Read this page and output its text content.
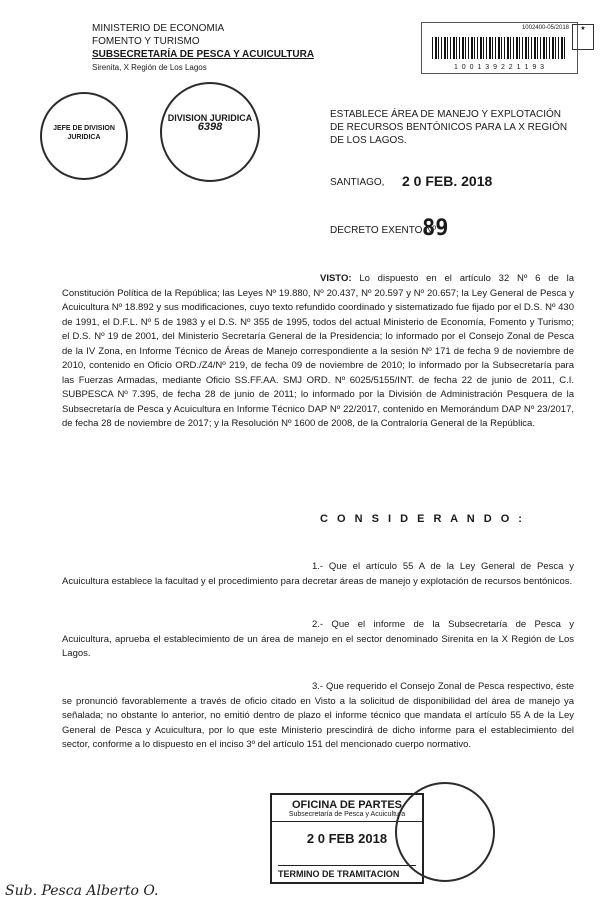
MINISTERIO DE ECONOMIA
FOMENTO Y TURISMO
SUBSECRETARÍA DE PESCA Y ACUICULTURA
Sirenita, X Región de Los Lagos
1002400-05/2018
1 0 0 1 3 9 2 2 1 1 9 3
★
JEFE DE DIVISION JURIDICA
DIVISION JURIDICA
6398
ESTABLECE ÁREA DE MANEJO Y EXPLOTACIÓN DE RECURSOS BENTÓNICOS PARA LA X REGIÓN DE LOS LAGOS.
SANTIAGO, 2 0 FEB. 2018
DECRETO EXENTO Nº
89
VISTO: Lo dispuesto en el artículo 32 Nº 6 de la Constitución Política de la República; las Leyes Nº 19.880, Nº 20.437, Nº 20.597 y Nº 20.657; la Ley General de Pesca y Acuicultura Nº 18.892 y sus modificaciones, cuyo texto refundido coordinado y sistematizado fue fijado por el D.S. Nº 430 de 1991, el D.F.L. Nº 5 de 1983 y el D.S. Nº 355 de 1995, todos del actual Ministerio de Economía, Fomento y Turismo; el D.S. Nº 19 de 2001, del Ministerio Secretaría General de la Presidencia; lo informado por el Consejo Zonal de Pesca de la IV Zona, en Informe Técnico de Áreas de Manejo correspondiente a la sesión Nº 171 de fecha 9 de noviembre de 2010, contenido en Oficio ORD./Z4/Nº 219, de fecha 09 de noviembre de 2010; lo informado por la Subsecretaría para las Fuerzas Armadas, mediante Oficio SS.FF.AA. SMJ ORD. Nº 6025/5155/INT. de fecha 22 de junio de 2011, C.I. SUBPESCA Nº 7.395, de fecha 28 de junio de 2011; lo informado por la División de Administración Pesquera de la Subsecretaría de Pesca y Acuicultura en Informe Técnico DAP Nº 22/2017, contenido en Memorándum DAP Nº 23/2017, de fecha 28 de noviembre de 2017; y la Resolución Nº 1600 de 2008, de la Contraloría General de la República.
C O N S I D E R A N D O :
1.- Que el artículo 55 A de la Ley General de Pesca y Acuicultura establece la facultad y el procedimiento para decretar áreas de manejo y explotación de recursos bentónicos.
2.- Que el informe de la Subsecretaría de Pesca y Acuicultura, aprueba el establecimiento de un área de manejo en el sector denominado Sirenita en la X Región de Los Lagos.
3.- Que requerido el Consejo Zonal de Pesca respectivo, éste se pronunció favorablemente a través de oficio citado en Visto a la solicitud de disponibilidad del área de manejo ya señalada; no obstante lo anterior, no emitió dentro de plazo el informe técnico que mandata el artículo 55 A de la Ley General de Pesca y Acuicultura, por lo que este Ministerio prescindirá de dicho informe para el establecimiento del sector, conforme a lo dispuesto en el inciso 3º del artículo 151 del mencionado cuerpo normativo.
OFICINA DE PARTES
Subsecretaría de Pesca y Acuicultura
2 0 FEB 2018
TERMINO DE TRAMITACION
Sub. Pesca Alberto O.
